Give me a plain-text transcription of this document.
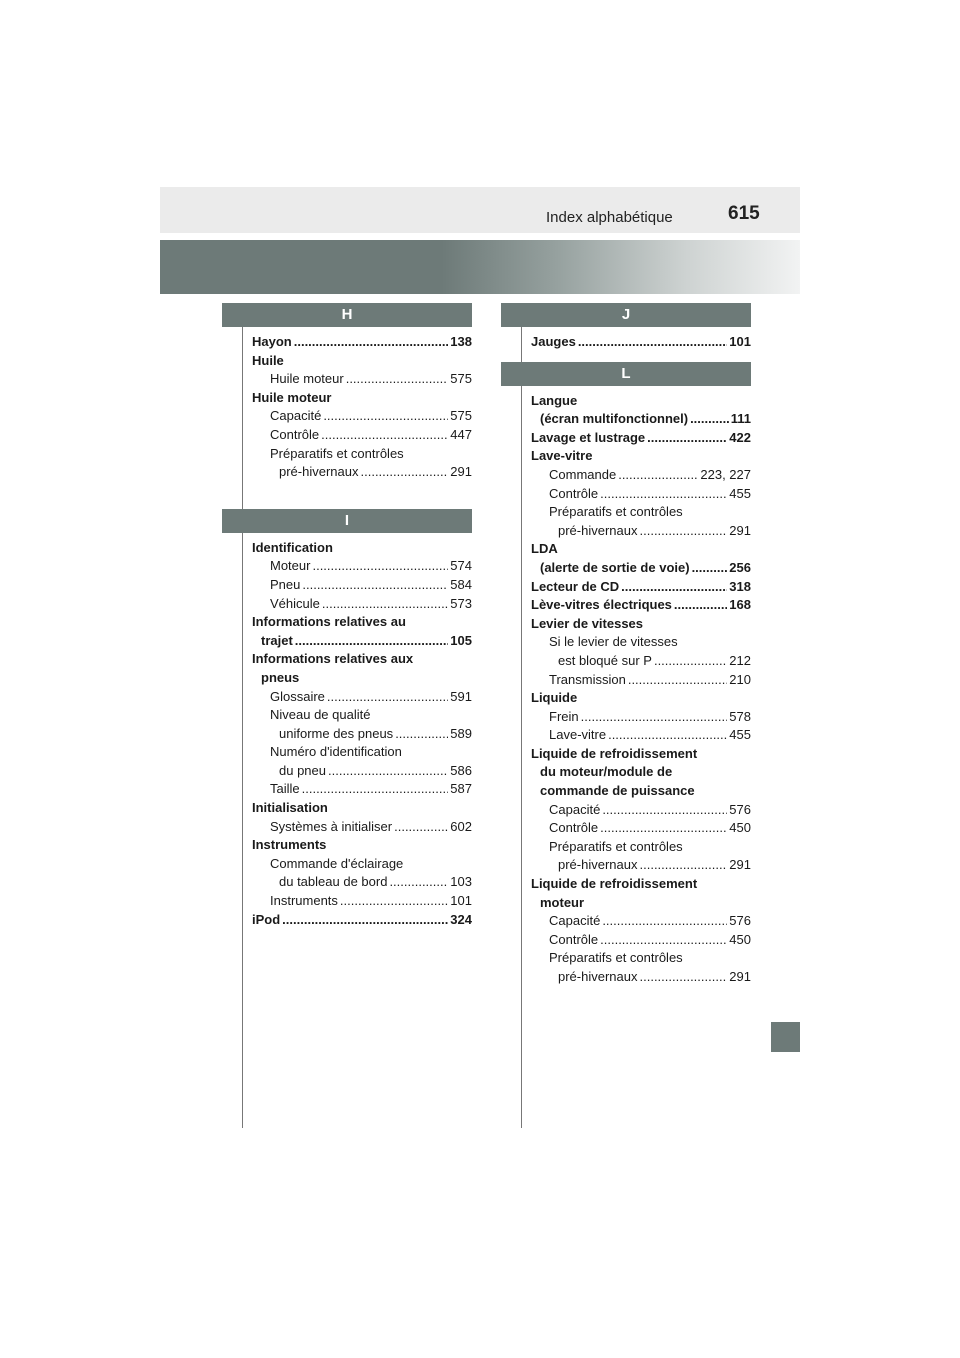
Index alphabétique	615
H
Hayon .....	138
Huile
Huile moteur .....	575
Huile moteur
Capacité .....	575
Contrôle .....	447
Préparatifs et contrôles
pré-hivernaux .....	291
I
Identification
Moteur .....	574
Pneu .....	584
Véhicule .....	573
Informations relatives au
trajet .....	105
Informations relatives aux
pneus
Glossaire .....	591
Niveau de qualité
uniforme des pneus .....	589
Numéro d'identification
du pneu .....	586
Taille .....	587
Initialisation
Systèmes à initialiser .....	602
Instruments
Commande d'éclairage
du tableau de bord .....	103
Instruments .....	101
iPod .....	324
J
Jauges .....	101
L
Langue
(écran multifonctionnel) .....	111
Lavage et lustrage .....	422
Lave-vitre
Commande .....	223, 227
Contrôle .....	455
Préparatifs et contrôles
pré-hivernaux .....	291
LDA
(alerte de sortie de voie) .....	256
Lecteur de CD .....	318
Lève-vitres électriques .....	168
Levier de vitesses
Si le levier de vitesses
est bloqué sur P .....	212
Transmission .....	210
Liquide
Frein .....	578
Lave-vitre .....	455
Liquide de refroidissement
du moteur/module de
commande de puissance
Capacité .....	576
Contrôle .....	450
Préparatifs et contrôles
pré-hivernaux .....	291
Liquide de refroidissement
moteur
Capacité .....	576
Contrôle .....	450
Préparatifs et contrôles
pré-hivernaux .....	291
